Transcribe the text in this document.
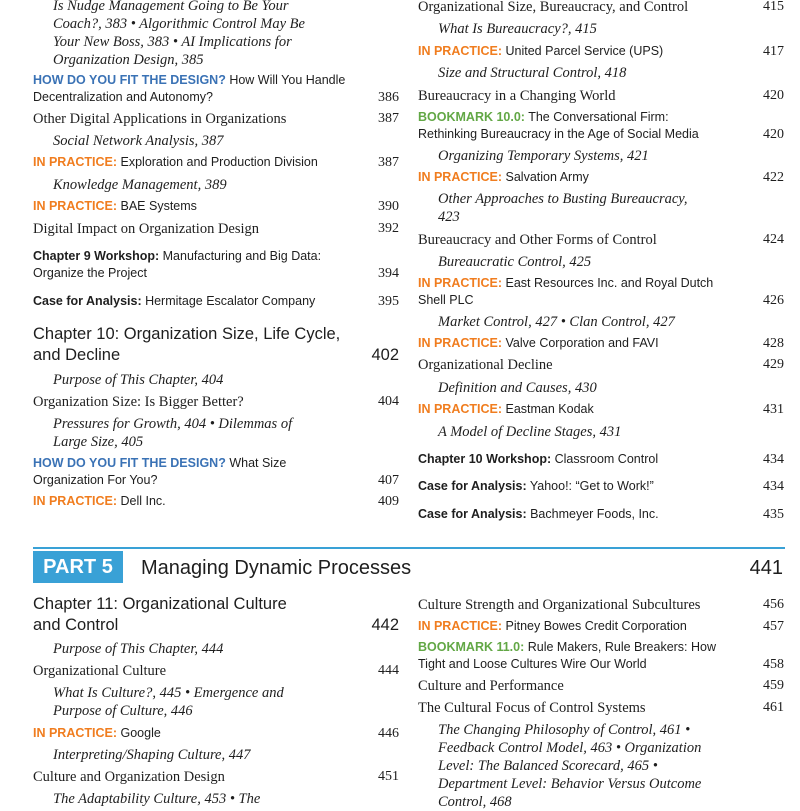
Is Nudge Management Going to Be Your
Coach?, 383 • Algorithmic Control May Be
Your New Boss, 383 • AI Implications for
Organization Design, 385
HOW DO YOU FIT THE DESIGN? How Will You Handle
Decentralization and Autonomy?	386
Other Digital Applications in Organizations	387
Social Network Analysis, 387
IN PRACTICE: Exploration and Production Division	387
Knowledge Management, 389
IN PRACTICE: BAE Systems	390
Digital Impact on Organization Design	392
Chapter 9 Workshop: Manufacturing and Big Data:
Organize the Project	394
Case for Analysis: Hermitage Escalator Company	395
Chapter 10: Organization Size, Life Cycle,
and Decline	402
Purpose of This Chapter, 404
Organization Size: Is Bigger Better?	404
Pressures for Growth, 404 • Dilemmas of
Large Size, 405
HOW DO YOU FIT THE DESIGN? What Size
Organization For You?	407
IN PRACTICE: Dell Inc.	409
Organizational Size, Bureaucracy, and Control	415
What Is Bureaucracy?, 415
IN PRACTICE: United Parcel Service (UPS)	417
Size and Structural Control, 418
Bureaucracy in a Changing World	420
BOOKMARK 10.0: The Conversational Firm:
Rethinking Bureaucracy in the Age of Social Media	420
Organizing Temporary Systems, 421
IN PRACTICE: Salvation Army	422
Other Approaches to Busting Bureaucracy,
423
Bureaucracy and Other Forms of Control	424
Bureaucratic Control, 425
IN PRACTICE: East Resources Inc. and Royal Dutch
Shell PLC	426
Market Control, 427 • Clan Control, 427
IN PRACTICE: Valve Corporation and FAVI	428
Organizational Decline	429
Definition and Causes, 430
IN PRACTICE: Eastman Kodak	431
A Model of Decline Stages, 431
Chapter 10 Workshop: Classroom Control	434
Case for Analysis: Yahoo!: “Get to Work!”	434
Case for Analysis: Bachmeyer Foods, Inc.	435
PART 5	Managing Dynamic Processes	441
Chapter 11: Organizational Culture
and Control	442
Purpose of This Chapter, 444
Organizational Culture	444
What Is Culture?, 445 • Emergence and
Purpose of Culture, 446
IN PRACTICE: Google	446
Interpreting/Shaping Culture, 447
Culture and Organization Design	451
The Adaptability Culture, 453 • The
Culture Strength and Organizational Subcultures	456
IN PRACTICE: Pitney Bowes Credit Corporation	457
BOOKMARK 11.0: Rule Makers, Rule Breakers: How
Tight and Loose Cultures Wire Our World	458
Culture and Performance	459
The Cultural Focus of Control Systems	461
The Changing Philosophy of Control, 461 •
Feedback Control Model, 463 • Organization
Level: The Balanced Scorecard, 465 •
Department Level: Behavior Versus Outcome
Control, 468
